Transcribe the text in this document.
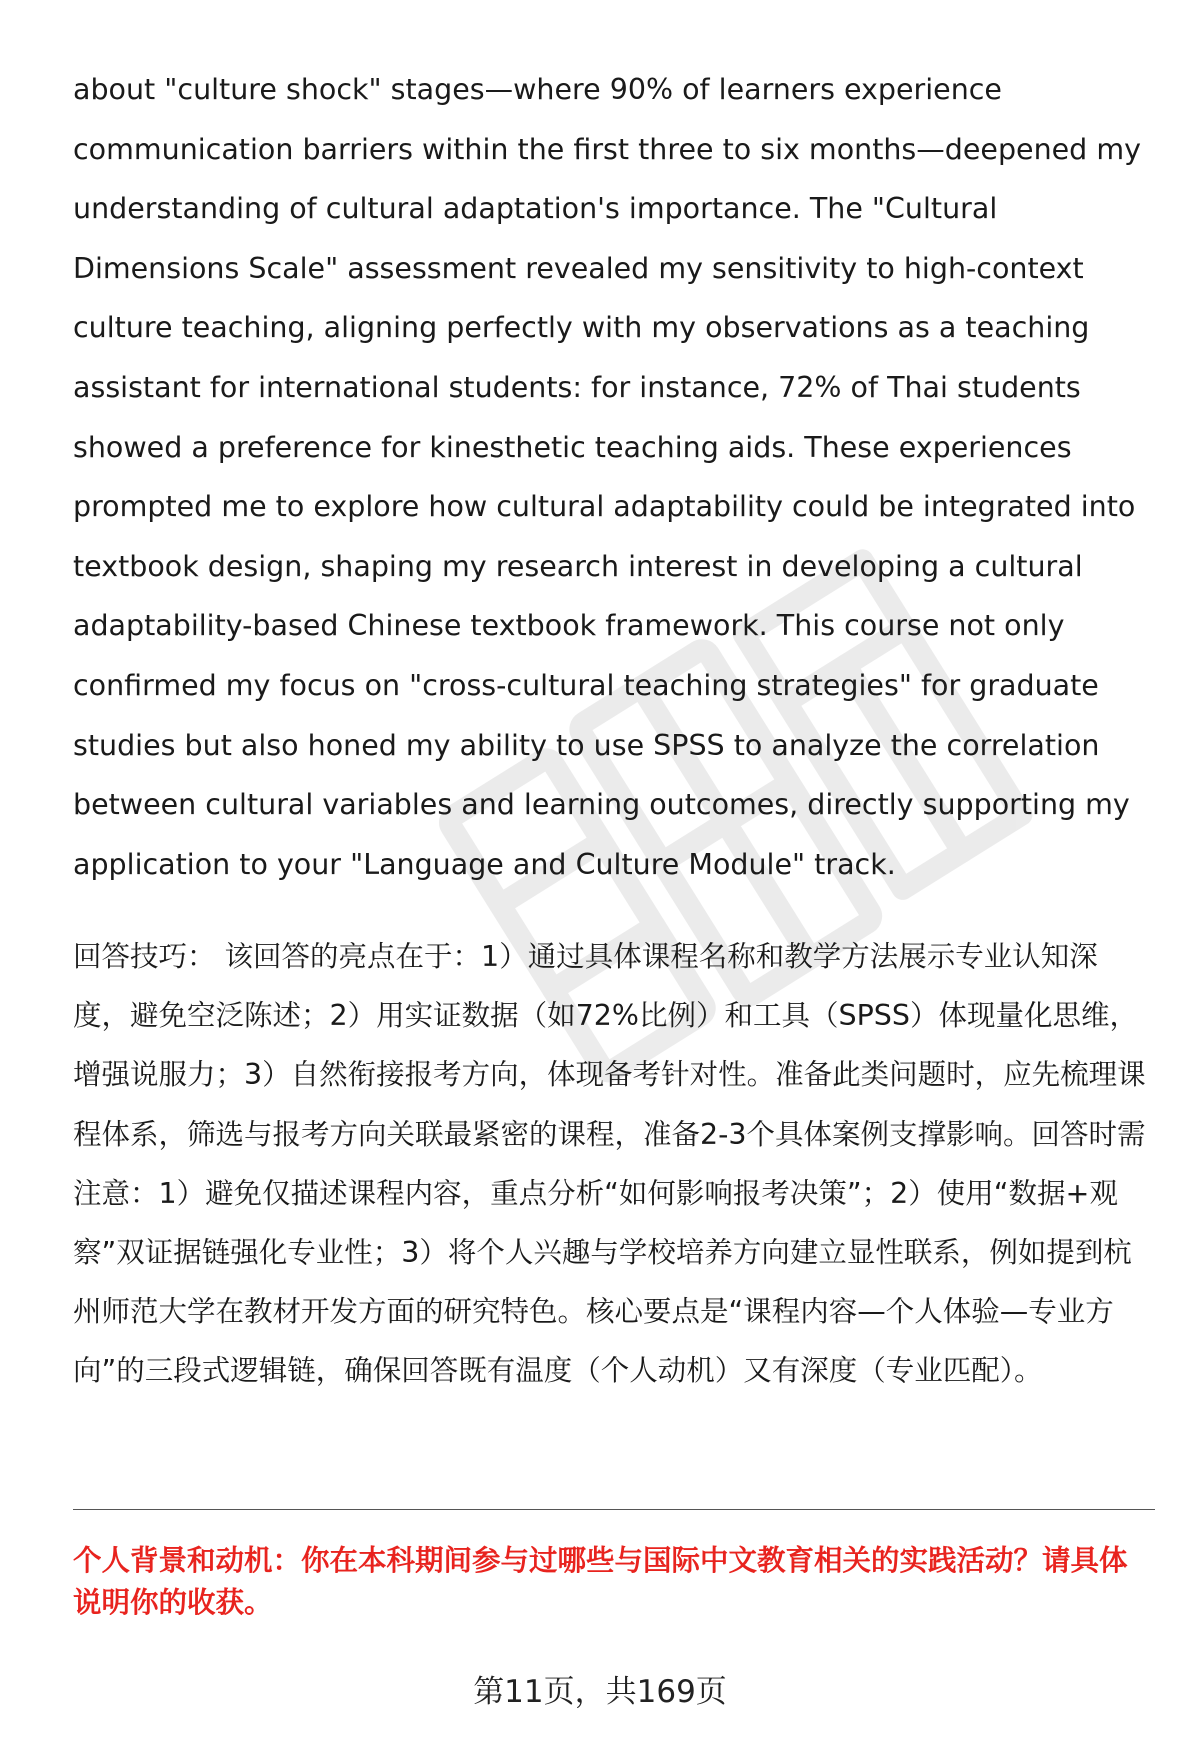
about "culture shock" stages—where 90% of learners experience communication barriers within the first three to six months—deepened my understanding of cultural adaptation's importance. The "Cultural Dimensions Scale" assessment revealed my sensitivity to high-context culture teaching, aligning perfectly with my observations as a teaching assistant for international students: for instance, 72% of Thai students showed a preference for kinesthetic teaching aids. These experiences prompted me to explore how cultural adaptability could be integrated into textbook design, shaping my research interest in developing a cultural adaptability-based Chinese textbook framework. This course not only confirmed my focus on "cross-cultural teaching strategies" for graduate studies but also honed my ability to use SPSS to analyze the correlation between cultural variables and learning outcomes, directly supporting my application to your "Language and Culture Module" track.

回答技巧： 该回答的亮点在于：1）通过具体课程名称和教学方法展示专业认知深度，避免空泛陈述；2）用实证数据（如72%比例）和工具（SPSS）体现量化思维，增强说服力；3）自然衔接报考方向，体现备考针对性。准备此类问题时，应先梳理课程体系，筛选与报考方向关联最紧密的课程，准备2-3个具体案例支撑影响。回答时需注意：1）避免仅描述课程内容，重点分析“如何影响报考决策”；2）使用“数据+观察”双证据链强化专业性；3）将个人兴趣与学校培养方向建立显性联系，例如提到杭州师范大学在教材开发方面的研究特色。核心要点是“课程内容—个人体验—专业方向”的三段式逻辑链，确保回答既有温度（个人动机）又有深度（专业匹配）。

个人背景和动机：你在本科期间参与过哪些与国际中文教育相关的实践活动？请具体说明你的收获。

第11页，共169页
